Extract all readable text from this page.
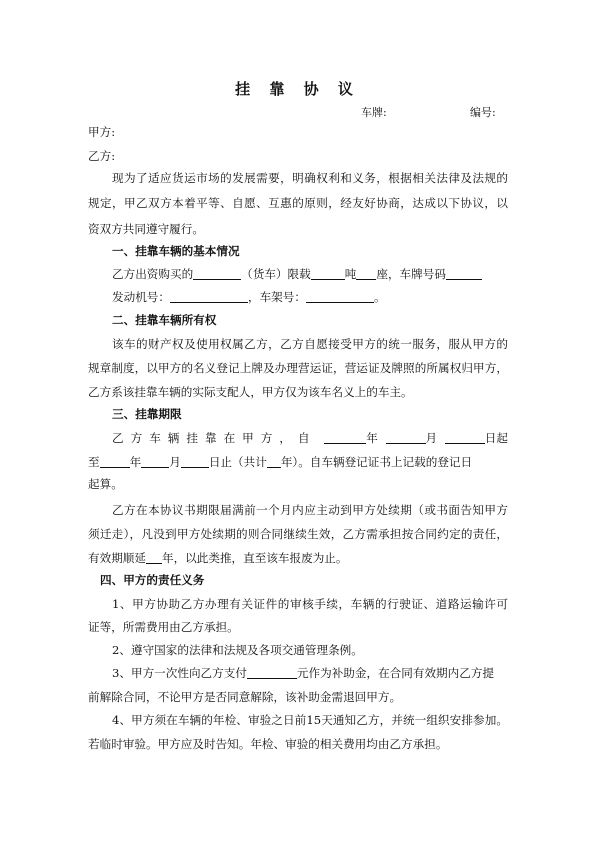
挂 靠 协 议
车牌:	编号:
甲方:
乙方:
现为了适应货运市场的发展需要，明确权利和义务，根据相关法律及法规的
规定，甲乙双方本着平等、自愿、互惠的原则，经友好协商，达成以下协议，以
资双方共同遵守履行。
一、挂靠车辆的基本情况
乙方出资购买的	（货车）限载	吨 座，车牌号码
发动机号：	，车架号：	。
二、挂靠车辆所有权
该车的财产权及使用权属乙方，乙方自愿接受甲方的统一服务，服从甲方的
规章制度，以甲方的名义登记上牌及办理营运证，营运证及牌照的所属权归甲方，
乙方系该挂靠车辆的实际支配人，甲方仅为该车名义上的车主。
三、挂靠期限
乙方车辆挂靠在甲方，自	年	月	日起
至	年 月 日止（共计 年）。自车辆登记证书上记载的登记日
起算。
乙方在本协议书期限届满前一个月内应主动到甲方处续期（或书面告知甲方
须迁走），凡没到甲方处续期的则合同继续生效，乙方需承担按合同约定的责任，
有效期顺延 年，以此类推，直至该车报废为止。
四、甲方的责任义务
1、甲方协助乙方办理有关证件的审核手续，车辆的行驶证、道路运输许可
证等，所需费用由乙方承担。
2、遵守国家的法律和法规及各项交通管理条例。
3、甲方一次性向乙方支付	元作为补助金，在合同有效期内乙方提
前解除合同，不论甲方是否同意解除，该补助金需退回甲方。
4、甲方须在车辆的年检、审验之日前15天通知乙方，并统一组织安排参加。
若临时审验。甲方应及时告知。年检、审验的相关费用均由乙方承担。
